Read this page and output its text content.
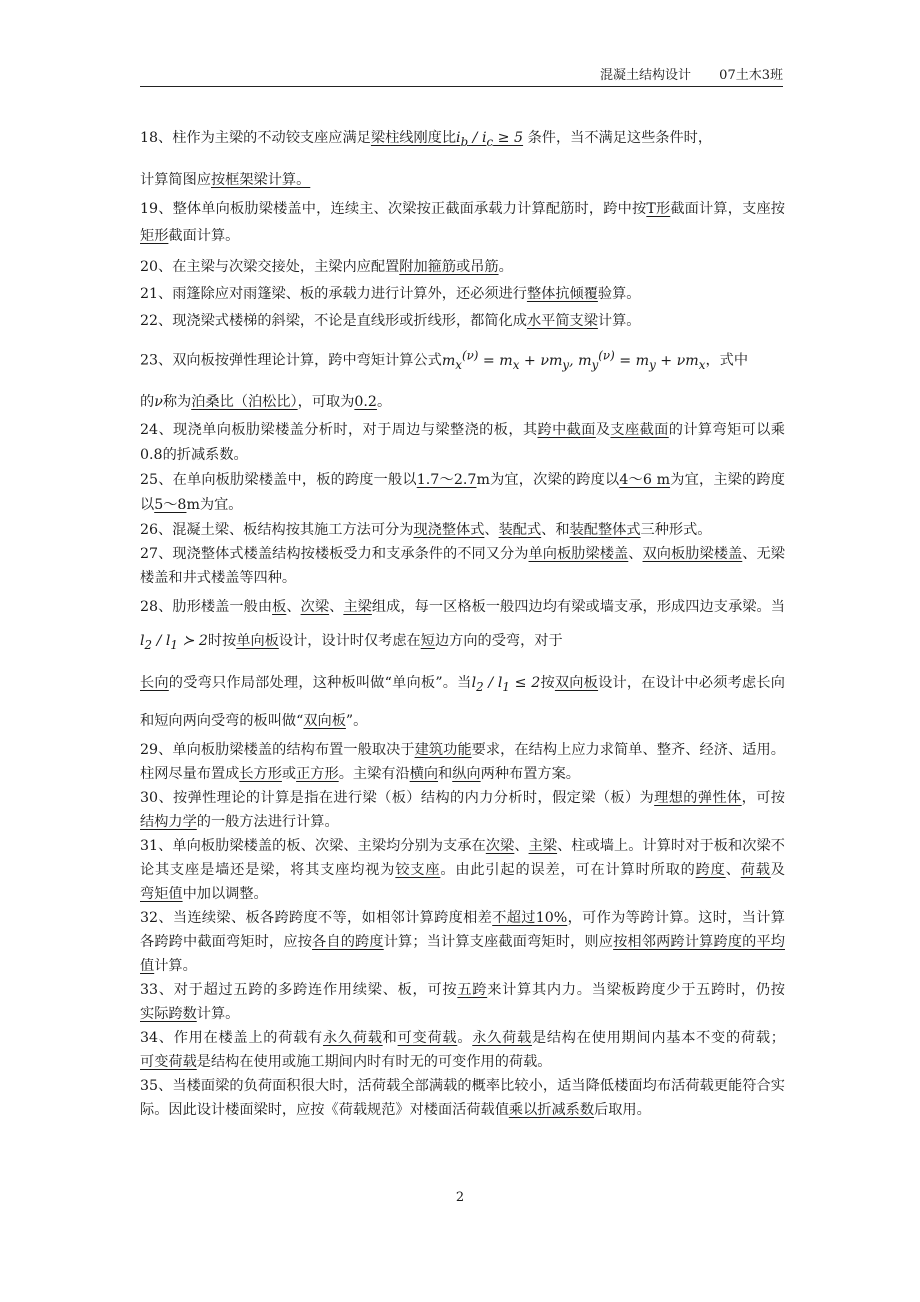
混凝土结构设计 07土木3班

18、柱作为主梁的不动铰支座应满足梁柱线刚度比$i_b / i_c \ge 5$ 条件，当不满足这些条件时，

计算简图应按框架梁计算。

19、整体单向板肋梁楼盖中，连续主、次梁按正截面承载力计算配筋时，跨中按T形截面计算，支座按矩形截面计算。

20、在主梁与次梁交接处，主梁内应配置附加箍筋或吊筋。

21、雨篷除应对雨篷梁、板的承载力进行计算外，还必须进行整体抗倾覆验算。

22、现浇梁式楼梯的斜梁，不论是直线形或折线形，都简化成水平简支梁计算。

23、双向板按弹性理论计算，跨中弯矩计算公式$m_x^{(\nu)} = m_x + \nu m_y$, $m_y^{(\nu)} = m_y + \nu m_x$，式中

的ν称为泊桑比（泊松比），可取为0.2。

24、现浇单向板肋梁楼盖分析时，对于周边与梁整浇的板，其跨中截面及支座截面的计算弯矩可以乘0.8的折减系数。

25、在单向板肋梁楼盖中，板的跨度一般以1.7～2.7m为宜，次梁的跨度以4～6 m为宜，主梁的跨度以5～8m为宜。

26、混凝土梁、板结构按其施工方法可分为现浇整体式、装配式、和装配整体式三种形式。

27、现浇整体式楼盖结构按楼板受力和支承条件的不同又分为单向板肋梁楼盖、双向板肋梁楼盖、无梁楼盖和井式楼盖等四种。

28、肋形楼盖一般由板、次梁、主梁组成，每一区格板一般四边均有梁或墙支承，形成四边支承梁。当$l_2 / l_1$ ≻ 2时按单向板设计，设计时仅考虑在短边方向的受弯，对于

长向的受弯只作局部处理，这种板叫做“单向板”。当$l_2 / l_1 \le 2$按双向板设计，在设计中必须考虑长向和短向两向受弯的板叫做“双向板”。

29、单向板肋梁楼盖的结构布置一般取决于建筑功能要求，在结构上应力求简单、整齐、经济、适用。柱网尽量布置成长方形或正方形。主梁有沿横向和纵向两种布置方案。

30、按弹性理论的计算是指在进行梁（板）结构的内力分析时，假定梁（板）为理想的弹性体，可按结构力学的一般方法进行计算。

31、单向板肋梁楼盖的板、次梁、主梁均分别为支承在次梁、主梁、柱或墙上。计算时对于板和次梁不论其支座是墙还是梁，将其支座均视为铰支座。由此引起的误差，可在计算时所取的跨度、荷载及弯矩值中加以调整。

32、当连续梁、板各跨跨度不等，如相邻计算跨度相差不超过10%，可作为等跨计算。这时，当计算各跨跨中截面弯矩时，应按各自的跨度计算；当计算支座截面弯矩时，则应按相邻两跨计算跨度的平均值计算。

33、对于超过五跨的多跨连作用续梁、板，可按五跨来计算其内力。当梁板跨度少于五跨时，仍按实际跨数计算。

34、作用在楼盖上的荷载有永久荷载和可变荷载。永久荷载是结构在使用期间内基本不变的荷载；可变荷载是结构在使用或施工期间内时有时无的可变作用的荷载。

35、当楼面梁的负荷面积很大时，活荷载全部满载的概率比较小，适当降低楼面均布活荷载更能符合实际。因此设计楼面梁时，应按《荷载规范》对楼面活荷载值乘以折减系数后取用。

2
